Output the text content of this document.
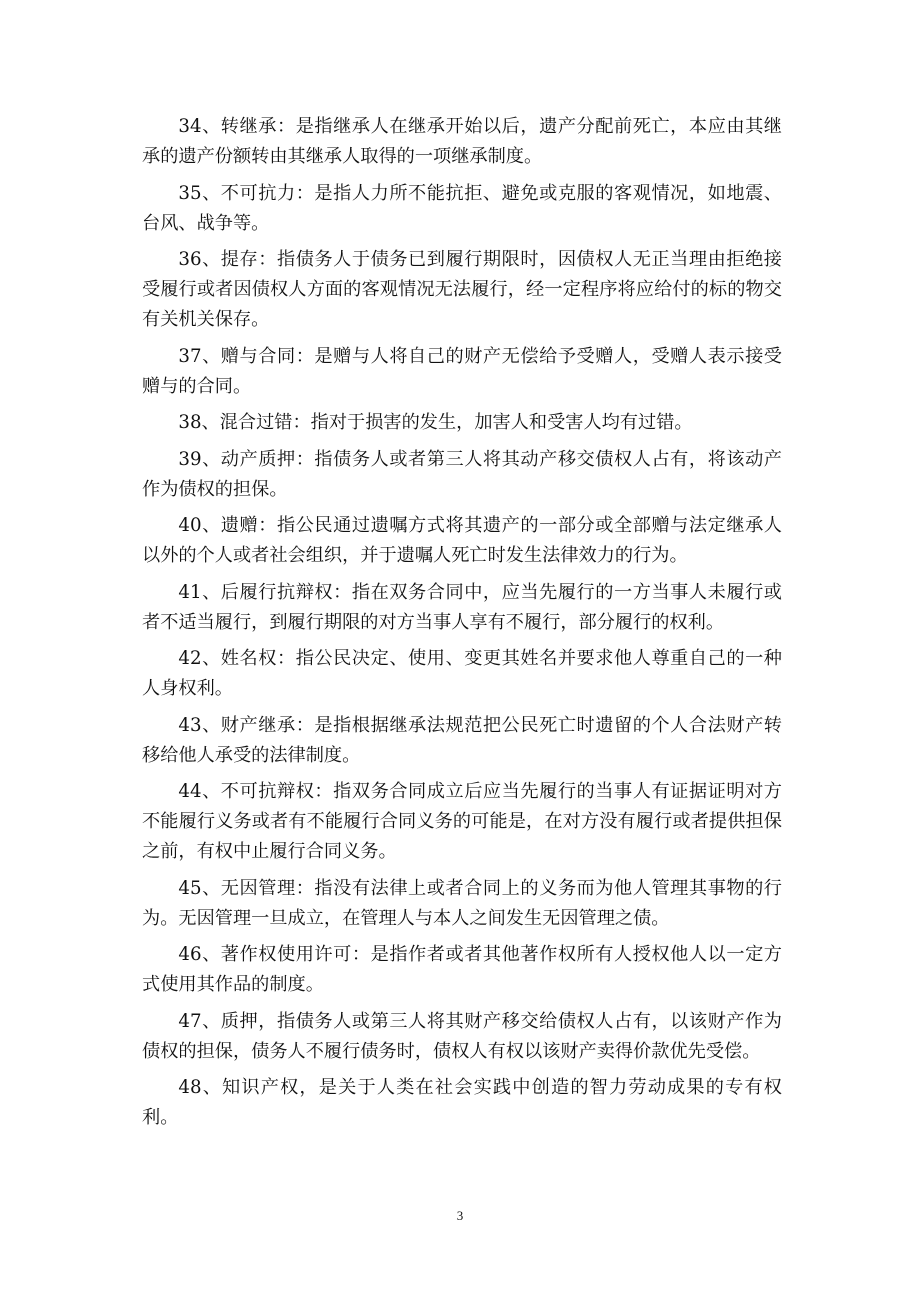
34、转继承：是指继承人在继承开始以后，遗产分配前死亡，本应由其继承的遗产份额转由其继承人取得的一项继承制度。

35、不可抗力：是指人力所不能抗拒、避免或克服的客观情况，如地震、台风、战争等。

36、提存：指债务人于债务已到履行期限时，因债权人无正当理由拒绝接受履行或者因债权人方面的客观情况无法履行，经一定程序将应给付的标的物交有关机关保存。

37、赠与合同：是赠与人将自己的财产无偿给予受赠人，受赠人表示接受赠与的合同。

38、混合过错：指对于损害的发生，加害人和受害人均有过错。

39、动产质押：指债务人或者第三人将其动产移交债权人占有，将该动产作为债权的担保。

40、遗赠：指公民通过遗嘱方式将其遗产的一部分或全部赠与法定继承人以外的个人或者社会组织，并于遗嘱人死亡时发生法律效力的行为。

41、后履行抗辩权：指在双务合同中，应当先履行的一方当事人未履行或者不适当履行，到履行期限的对方当事人享有不履行，部分履行的权利。

42、姓名权：指公民决定、使用、变更其姓名并要求他人尊重自己的一种人身权利。

43、财产继承：是指根据继承法规范把公民死亡时遗留的个人合法财产转移给他人承受的法律制度。

44、不可抗辩权：指双务合同成立后应当先履行的当事人有证据证明对方不能履行义务或者有不能履行合同义务的可能是，在对方没有履行或者提供担保之前，有权中止履行合同义务。

45、无因管理：指没有法律上或者合同上的义务而为他人管理其事物的行为。无因管理一旦成立，在管理人与本人之间发生无因管理之债。

46、著作权使用许可：是指作者或者其他著作权所有人授权他人以一定方式使用其作品的制度。

47、质押，指债务人或第三人将其财产移交给债权人占有，以该财产作为债权的担保，债务人不履行债务时，债权人有权以该财产卖得价款优先受偿。

48、知识产权，是关于人类在社会实践中创造的智力劳动成果的专有权利。

3
